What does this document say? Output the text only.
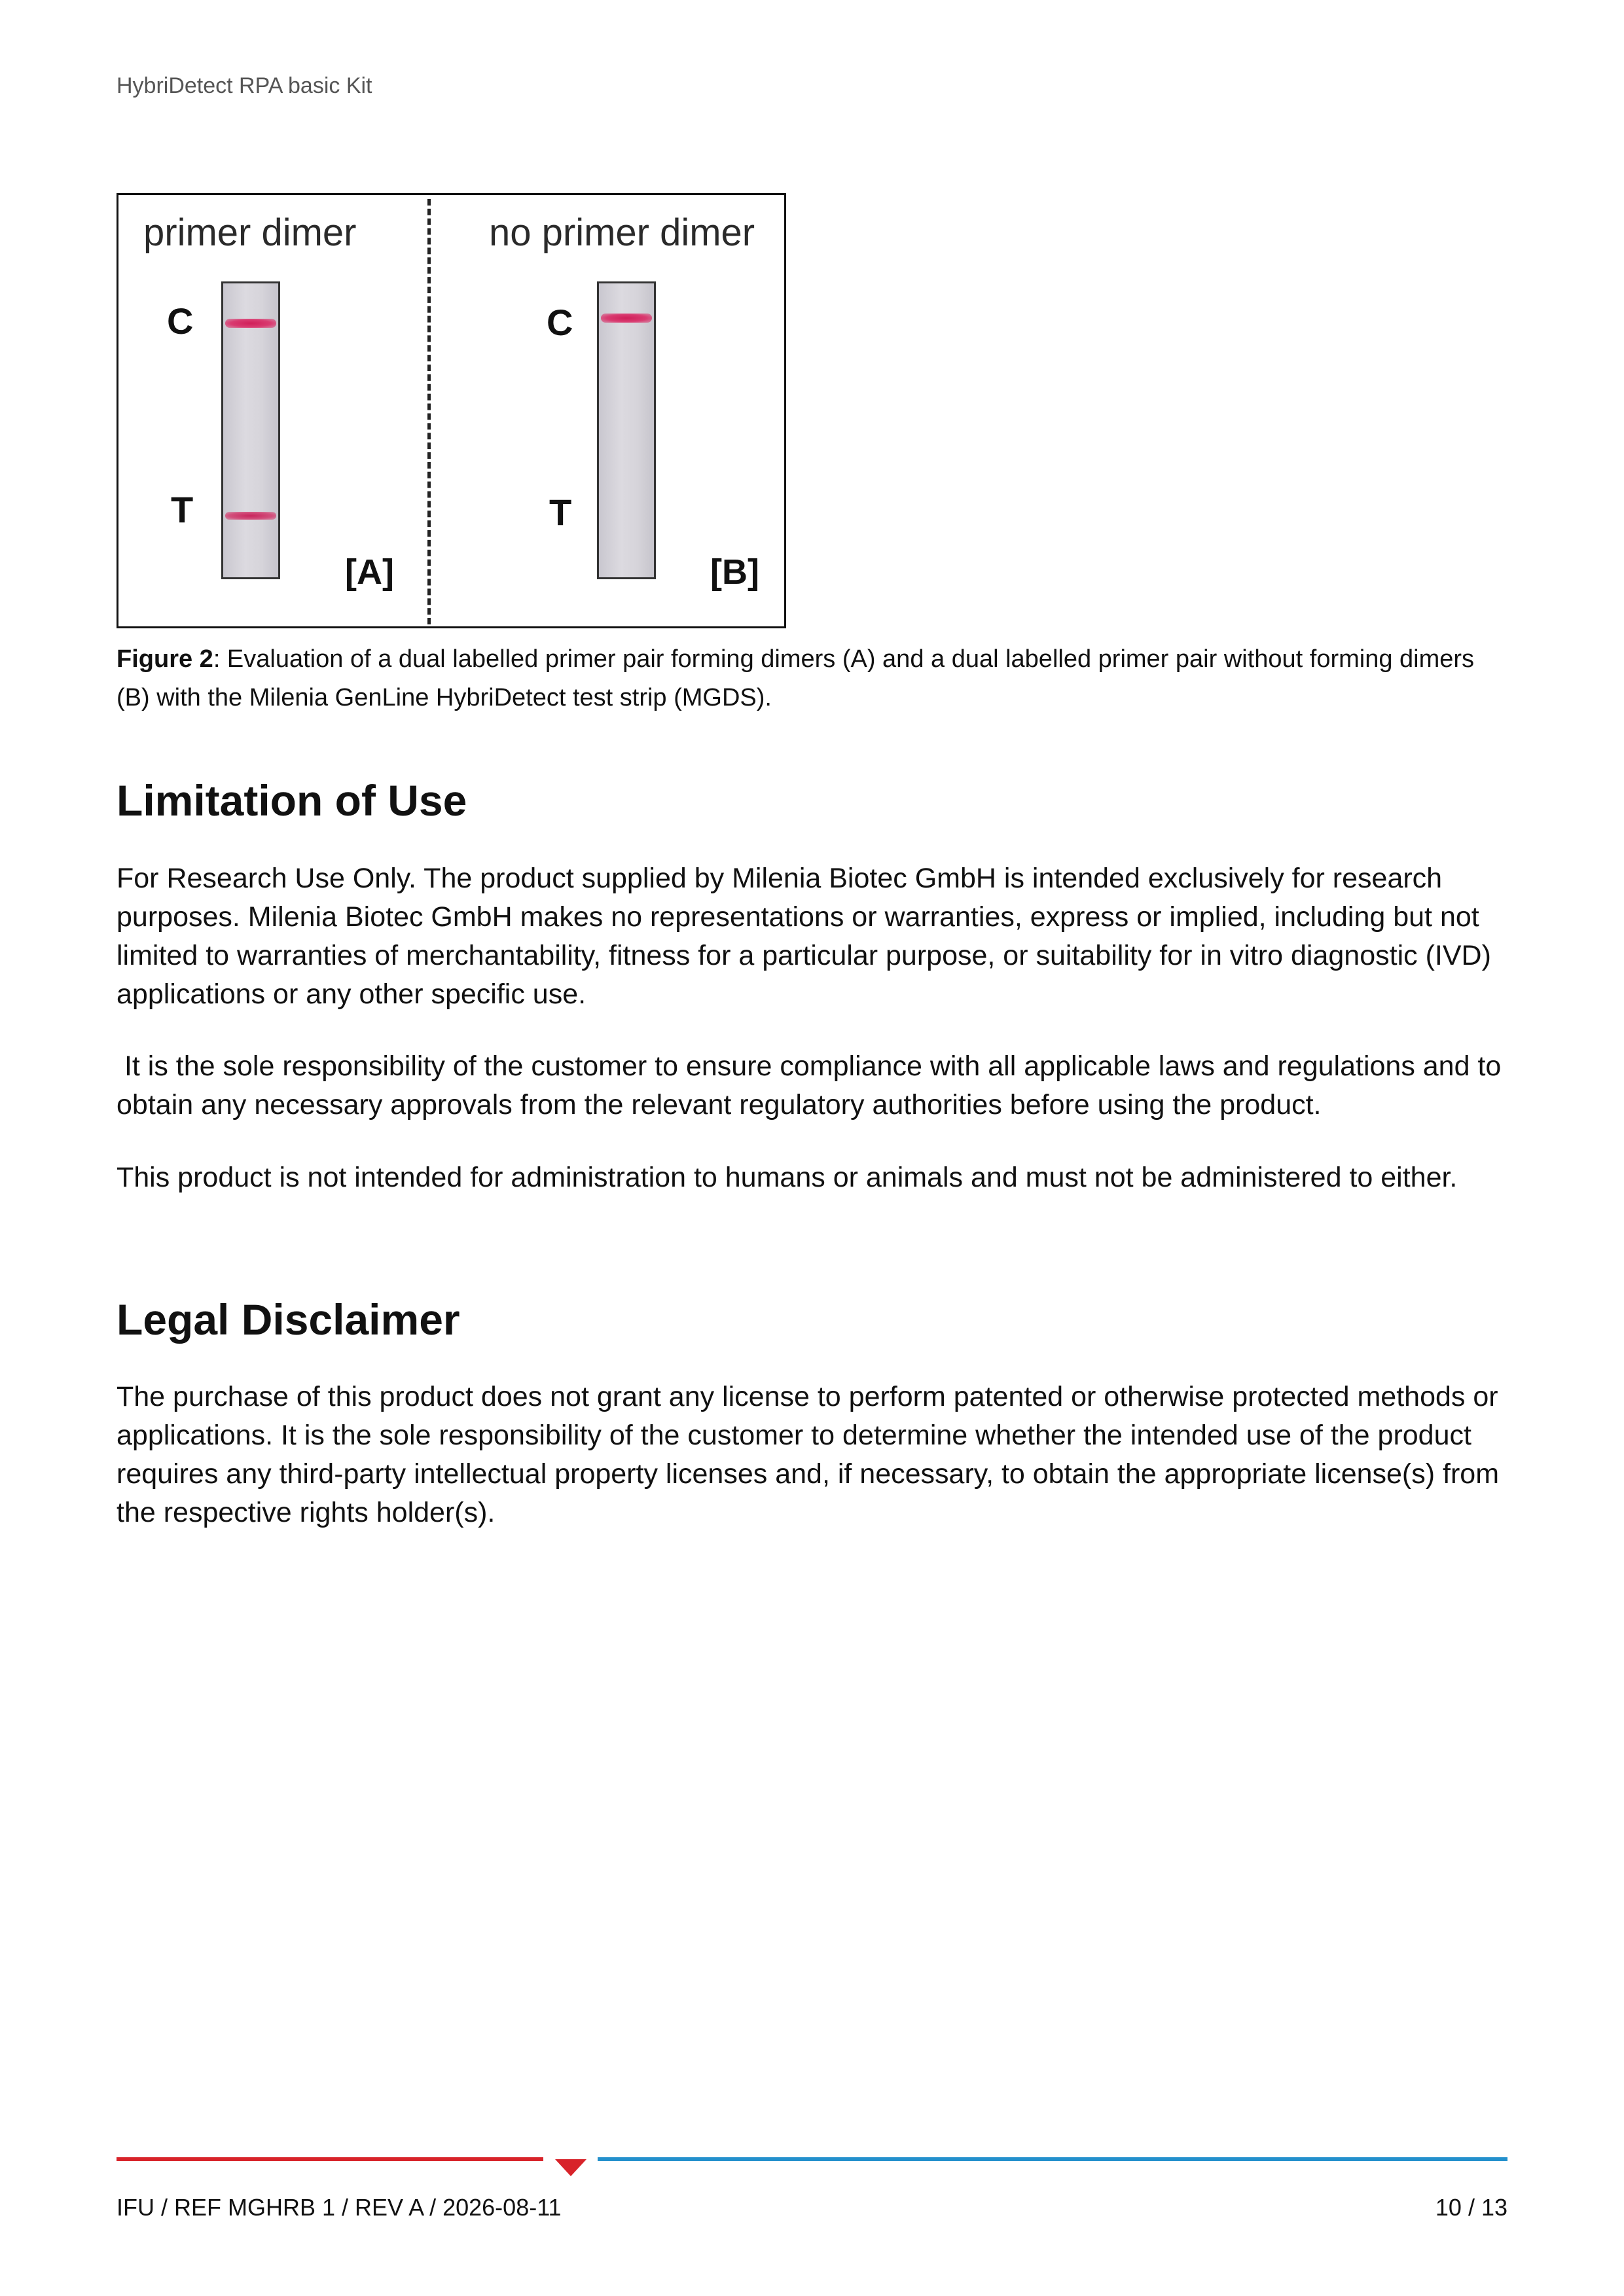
HybriDetect RPA basic Kit
primer dimer	no primer dimer
C
T
[A]
C
T
[B]
Figure 2: Evaluation of a dual labelled primer pair forming dimers (A) and a dual labelled primer pair without forming dimers (B) with the Milenia GenLine HybriDetect test strip (MGDS).
Limitation of Use

For Research Use Only. The product supplied by Milenia Biotec GmbH is intended exclusively for research purposes. Milenia Biotec GmbH makes no representations or warranties, express or implied, including but not limited to warranties of merchantability, fitness for a particular purpose, or suitability for in vitro diagnostic (IVD) applications or any other specific use.

It is the sole responsibility of the customer to ensure compliance with all applicable laws and regulations and to obtain any necessary approvals from the relevant regulatory authorities before using the product.

This product is not intended for administration to humans or animals and must not be administered to either.

Legal Disclaimer

The purchase of this product does not grant any license to perform patented or otherwise protected methods or applications. It is the sole responsibility of the customer to determine whether the intended use of the product requires any third-party intellectual property licenses and, if necessary, to obtain the appropriate license(s) from the respective rights holder(s).

IFU / REF MGHRB 1 / REV A / 2026-08-11	10 / 13
